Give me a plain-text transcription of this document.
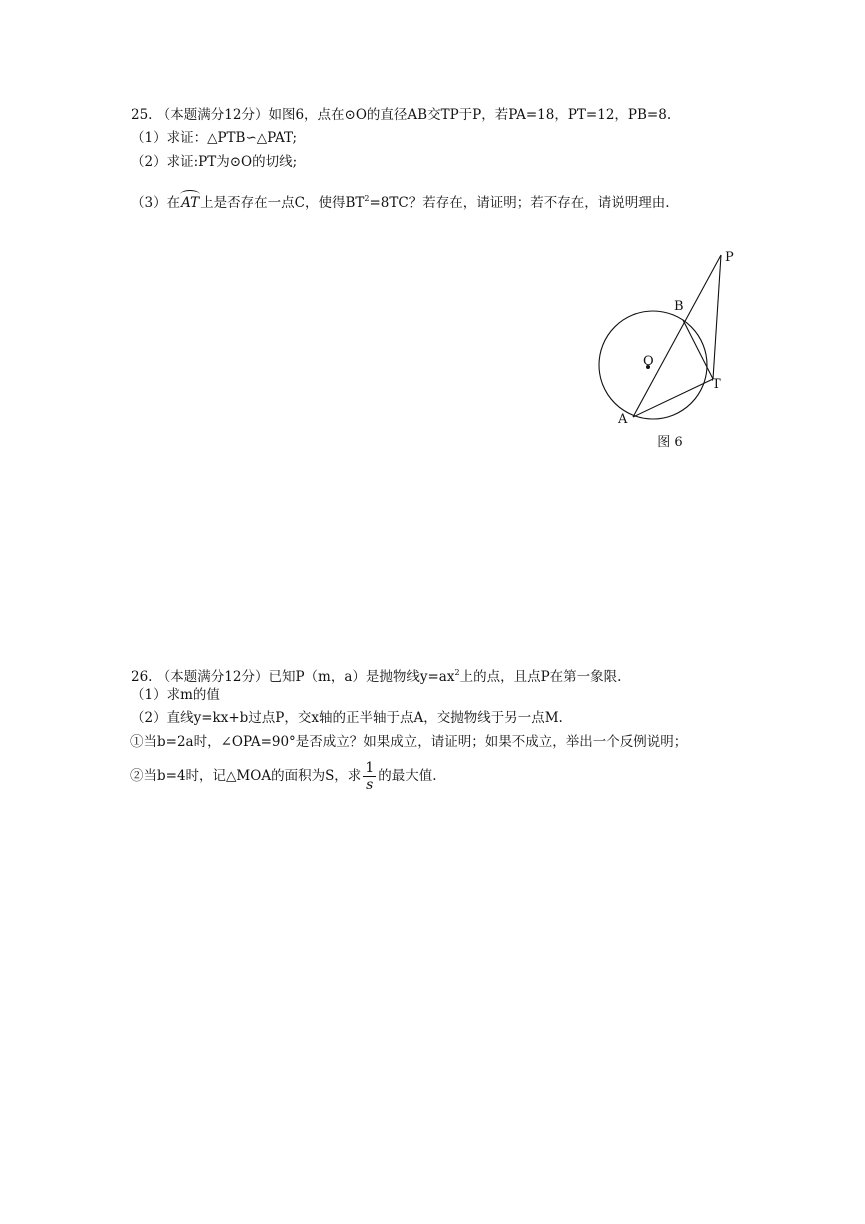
25. （本题满分12分）如图6，点在⊙O的直径AB交TP于P，若PA=18，PT=12，PB=8.
（1）求证：△PTB∽△PAT;
（2）求证:PT为⊙O的切线;
（3）在AT上是否存在一点C，使得$BT^2=8TC$？若存在，请证明；若不存在，请说明理由.
P
B
O
T
A
图 6
26. （本题满分12分）已知P（m，a）是抛物线$y=ax^2$上的点，且点P在第一象限.
（1）求m的值
（2）直线y=kx+b过点P，交x轴的正半轴于点A，交抛物线于另一点M.
①当b=2a时，∠OPA=90°是否成立？如果成立，请证明；如果不成立，举出一个反例说明；
②当b=4时，记△MOA的面积为S，求 $\frac{1}{s}$ 的最大值.
